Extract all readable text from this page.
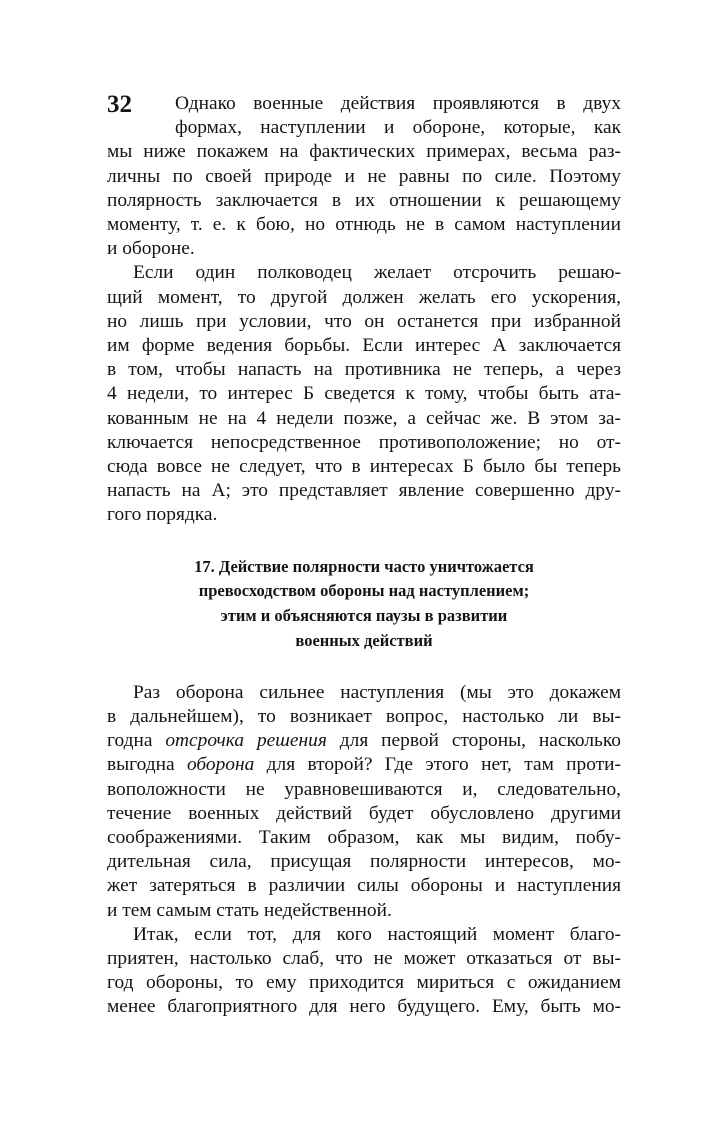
32	Однако военные действия проявляются в двух
формах, наступлении и обороне, которые, как
мы ниже покажем на фактических примерах, весьма раз-
личны по своей природе и не равны по силе. Поэтому
полярность заключается в их отношении к решающему
моменту, т. е. к бою, но отнюдь не в самом наступлении
и обороне.
Если один полководец желает отсрочить решаю-
щий момент, то другой должен желать его ускорения,
но лишь при условии, что он останется при избранной
им форме ведения борьбы. Если интерес А заключается
в том, чтобы напасть на противника не теперь, а через
4 недели, то интерес Б сведется к тому, чтобы быть ата-
кованным не на 4 недели позже, а сейчас же. В этом за-
ключается непосредственное противоположение; но от-
сюда вовсе не следует, что в интересах Б было бы теперь
напасть на А; это представляет явление совершенно дру-
гого порядка.
17. Действие полярности часто уничтожается
превосходством обороны над наступлением;
этим и объясняются паузы в развитии
военных действий
Раз оборона сильнее наступления (мы это докажем
в дальнейшем), то возникает вопрос, настолько ли вы-
годна отсрочка решения для первой стороны, насколько
выгодна оборона для второй? Где этого нет, там проти-
воположности не уравновешиваются и, следовательно,
течение военных действий будет обусловлено другими
соображениями. Таким образом, как мы видим, побу-
дительная сила, присущая полярности интересов, мо-
жет затеряться в различии силы обороны и наступления
и тем самым стать недейственной.
Итак, если тот, для кого настоящий момент благо-
приятен, настолько слаб, что не может отказаться от вы-
год обороны, то ему приходится мириться с ожиданием
менее благоприятного для него будущего. Ему, быть мо-
